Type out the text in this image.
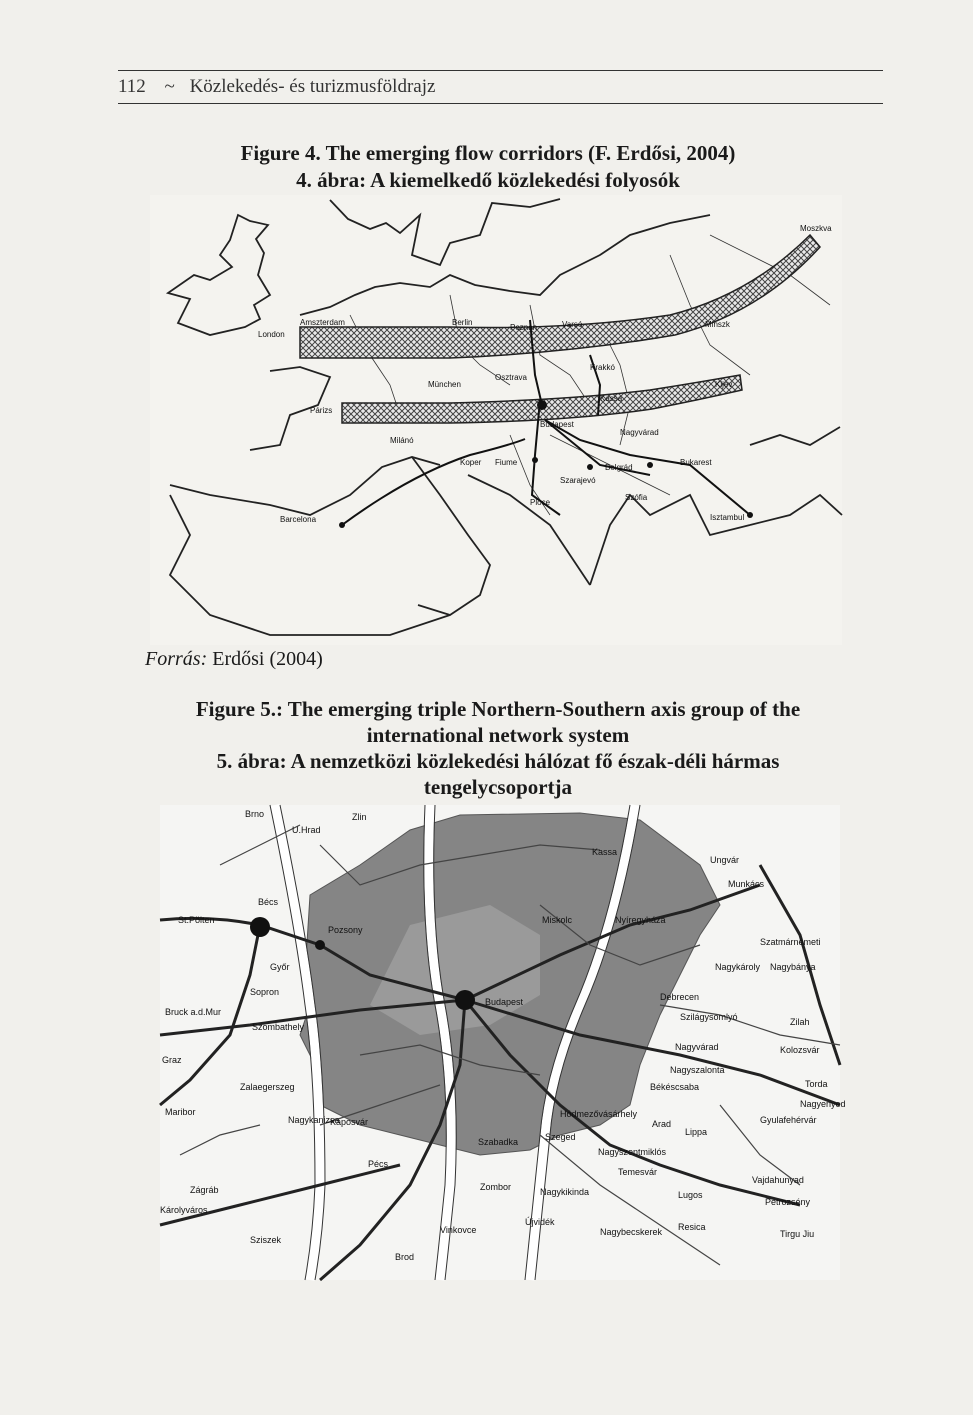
112 ~ Közlekedés- és turizmusföldrajz
Figure 4. The emerging flow corridors (F. Erdősi, 2004)
4. ábra: A kiemelkedő közlekedési folyosók
Moszkva
Amszterdam
London
Berlin
Poznan	Varsó	Minszk
Krakkó
Osztrava
München	Kijev
Párizs
Kassa
Budapest
Milánó
Nagyvárad
Koper Fiume
Belgrád
Bukarest
Szarajevó
Ploce
Szófia
Barcelona	Isztambul
Forrás: Erdősi (2004)
Figure 5.: The emerging triple Northern-Southern axis group of the
international network system
5. ábra: A nemzetközi közlekedési hálózat fő észak-déli hármas
tengelycsoportja
Brno
U.Hrad
Zlin
Kassa
Ungvár
Munkács
Bécs
St.Pölten
Pozsony
Miskolc	Nyíregyháza
Szatmárnémeti
Nagybánya
Nagykároly
Győr
Budapest	Debrecen
Szilágysomlyó	Zilah
Bruck a.d.Mur
Sopron
Szombathely
Nagyvárad	Kolozsvár
Graz
Zalaegerszeg
Nagyszalonta
Békéscsaba	Torda
Nagyenyed
Gyulafehérvár
Maribor
Nagykanizsa
Kaposvár
Hódmezővásárhely
Arad
Lippa
Szabadka	Szeged
Pécs
Nagyszentmiklós
Temesvár
Vajdahunyad
Zágráb	Zombor	Nagykikinda	Lugos
Petrozsény
Károlyváros
Újvidék
Nagybecskerek Resica
Vinkovce	Tirgu Jiu
Sziszek
Brod
